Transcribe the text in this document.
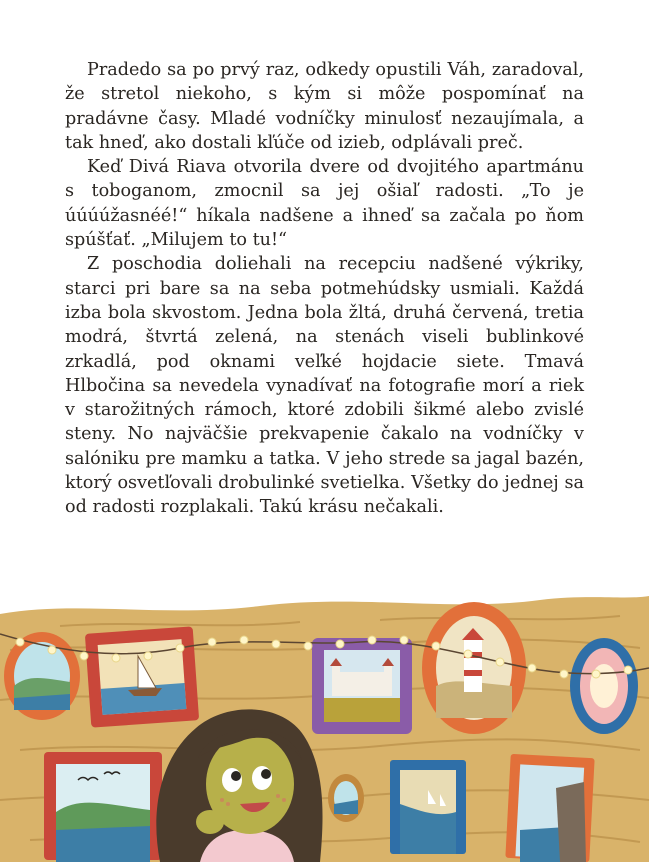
Pradedo sa po prvý raz, odkedy opustili Váh, zaradoval, že stretol niekoho, s kým si môže pospomínať na pradávne časy. Mladé vodníčky minulosť nezaujímala, a tak hneď, ako dostali kľúče od izieb, odplávali preč.

Keď Divá Riava otvorila dvere od dvojitého apartmánu s toboganom, zmocnil sa jej ošiaľ radosti. „To je úúúúžasnéé!“ híkala nadšene a ihneď sa začala po ňom spúšťať. „Milujem to tu!“

Z poschodia doliehali na recepciu nadšené výkriky, starci pri bare sa na seba potmehúdsky usmiali. Každá izba bola skvostom. Jedna bola žltá, druhá červená, tretia modrá, štvrtá zelená, na stenách viseli bublinkové zrkadlá, pod oknami veľké hojdacie siete. Tmavá Hlbočina sa nevedela vynadívať na fotografie morí a riek v starožitných rámoch, ktoré zdobili šikmé alebo zvislé steny. No najväčšie prekvapenie čakalo na vodníčky v salóniku pre mamku a tatka. V jeho strede sa jagal bazén, ktorý osvetľovali drobulinké svetielka. Všetky do jednej sa od radosti rozplakali. Takú krásu nečakali.
